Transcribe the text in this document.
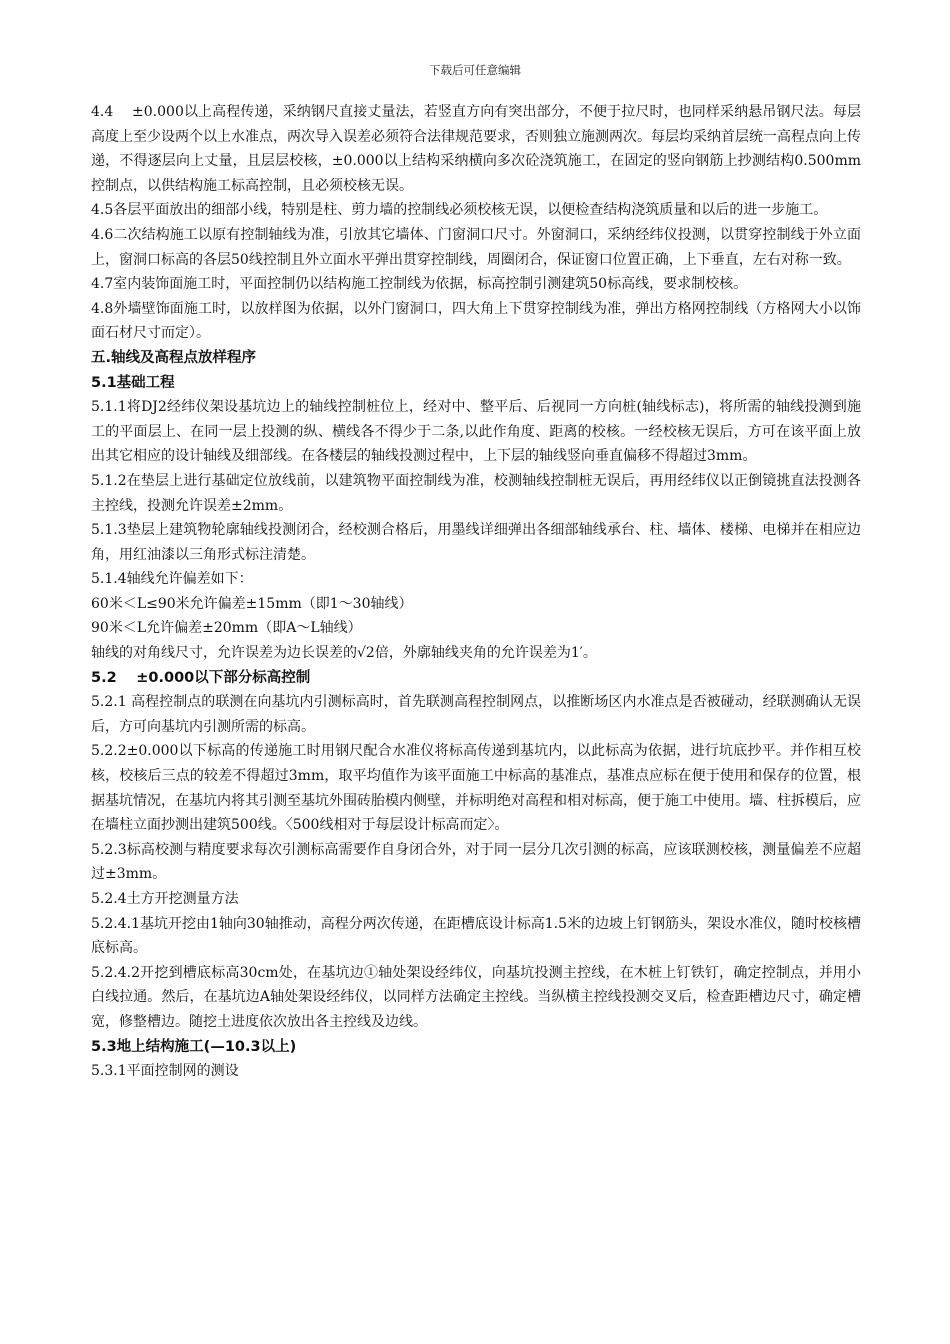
下载后可任意编辑

4.4　 ±0.000以上高程传递，采纳钢尺直接丈量法，若竖直方向有突出部分，不便于拉尺时，也同样采纳悬吊钢尺法。每层高度上至少设两个以上水准点，两次导入误差必须符合法律规范要求，否则独立施测两次。每层均采纳首层统一高程点向上传递，不得逐层向上丈量，且层层校核，±0.000以上结构采纳横向多次砼浇筑施工，在固定的竖向钢筋上抄测结构0.500mm控制点，以供结构施工标高控制，且必须校核无误。

4.5各层平面放出的细部小线，特别是柱、剪力墙的控制线必须校核无误，以便检查结构浇筑质量和以后的进一步施工。

4.6二次结构施工以原有控制轴线为准，引放其它墙体、门窗洞口尺寸。外窗洞口，采纳经纬仪投测，以贯穿控制线于外立面上，窗洞口标高的各层50线控制且外立面水平弹出贯穿控制线，周圈闭合，保证窗口位置正确，上下垂直，左右对称一致。

4.7室内装饰面施工时，平面控制仍以结构施工控制线为依据，标高控制引测建筑50标高线，要求制校核。

4.8外墙壁饰面施工时，以放样图为依据，以外门窗洞口，四大角上下贯穿控制线为准，弹出方格网控制线（方格网大小以饰面石材尺寸而定）。

五.轴线及高程点放样程序

5.1基础工程

5.1.1将DJ2经纬仪架设基坑边上的轴线控制桩位上，经对中、整平后、后视同一方向桩(轴线标志)，将所需的轴线投测到施工的平面层上、在同一层上投测的纵、横线各不得少于二条,以此作角度、距离的校核。一经校核无误后，方可在该平面上放出其它相应的设计轴线及细部线。在各楼层的轴线投测过程中，上下层的轴线竖向垂直偏移不得超过3mm。

5.1.2在垫层上进行基础定位放线前，以建筑物平面控制线为准，校测轴线控制桩无误后，再用经纬仪以正倒镜挑直法投测各主控线，投测允许误差±2mm。

5.1.3垫层上建筑物轮廓轴线投测闭合，经校测合格后，用墨线详细弹出各细部轴线承台、柱、墙体、楼梯、电梯并在相应边角，用红油漆以三角形式标注清楚。

5.1.4轴线允许偏差如下：

60米＜L≤90米允许偏差±15mm（即1～30轴线）

90米＜L允许偏差±20mm（即A～L轴线）

轴线的对角线尺寸，允许误差为边长误差的√2倍，外廓轴线夹角的允许误差为1′。

5.2　 ±0.000以下部分标高控制

5.2.1 高程控制点的联测在向基坑内引测标高时，首先联测高程控制网点，以推断场区内水准点是否被碰动，经联测确认无误后，方可向基坑内引测所需的标高。

5.2.2±0.000以下标高的传递施工时用钢尺配合水准仪将标高传递到基坑内，以此标高为依据，进行坑底抄平。并作相互校核，校核后三点的较差不得超过3mm，取平均值作为该平面施工中标高的基准点，基准点应标在便于使用和保存的位置，根据基坑情况，在基坑内将其引测至基坑外围砖胎模内侧壁，并标明绝对高程和相对标高，便于施工中使用。墙、柱拆模后，应在墙柱立面抄测出建筑500线。〈500线相对于每层设计标高而定〉。

5.2.3标高校测与精度要求每次引测标高需要作自身闭合外，对于同一层分几次引测的标高，应该联测校核，测量偏差不应超过±3mm。

5.2.4土方开挖测量方法

5.2.4.1基坑开挖由1轴向30轴推动，高程分两次传递，在距槽底设计标高1.5米的边坡上钉钢筋头，架设水准仪，随时校核槽底标高。

5.2.4.2开挖到槽底标高30cm处，在基坑边①轴处架设经纬仪，向基坑投测主控线，在木桩上钉铁钉，确定控制点，并用小白线拉通。然后，在基坑边A轴处架设经纬仪，以同样方法确定主控线。当纵横主控线投测交叉后，检查距槽边尺寸，确定槽宽，修整槽边。随挖土进度依次放出各主控线及边线。

5.3地上结构施工(—10.3以上)

5.3.1平面控制网的测设
